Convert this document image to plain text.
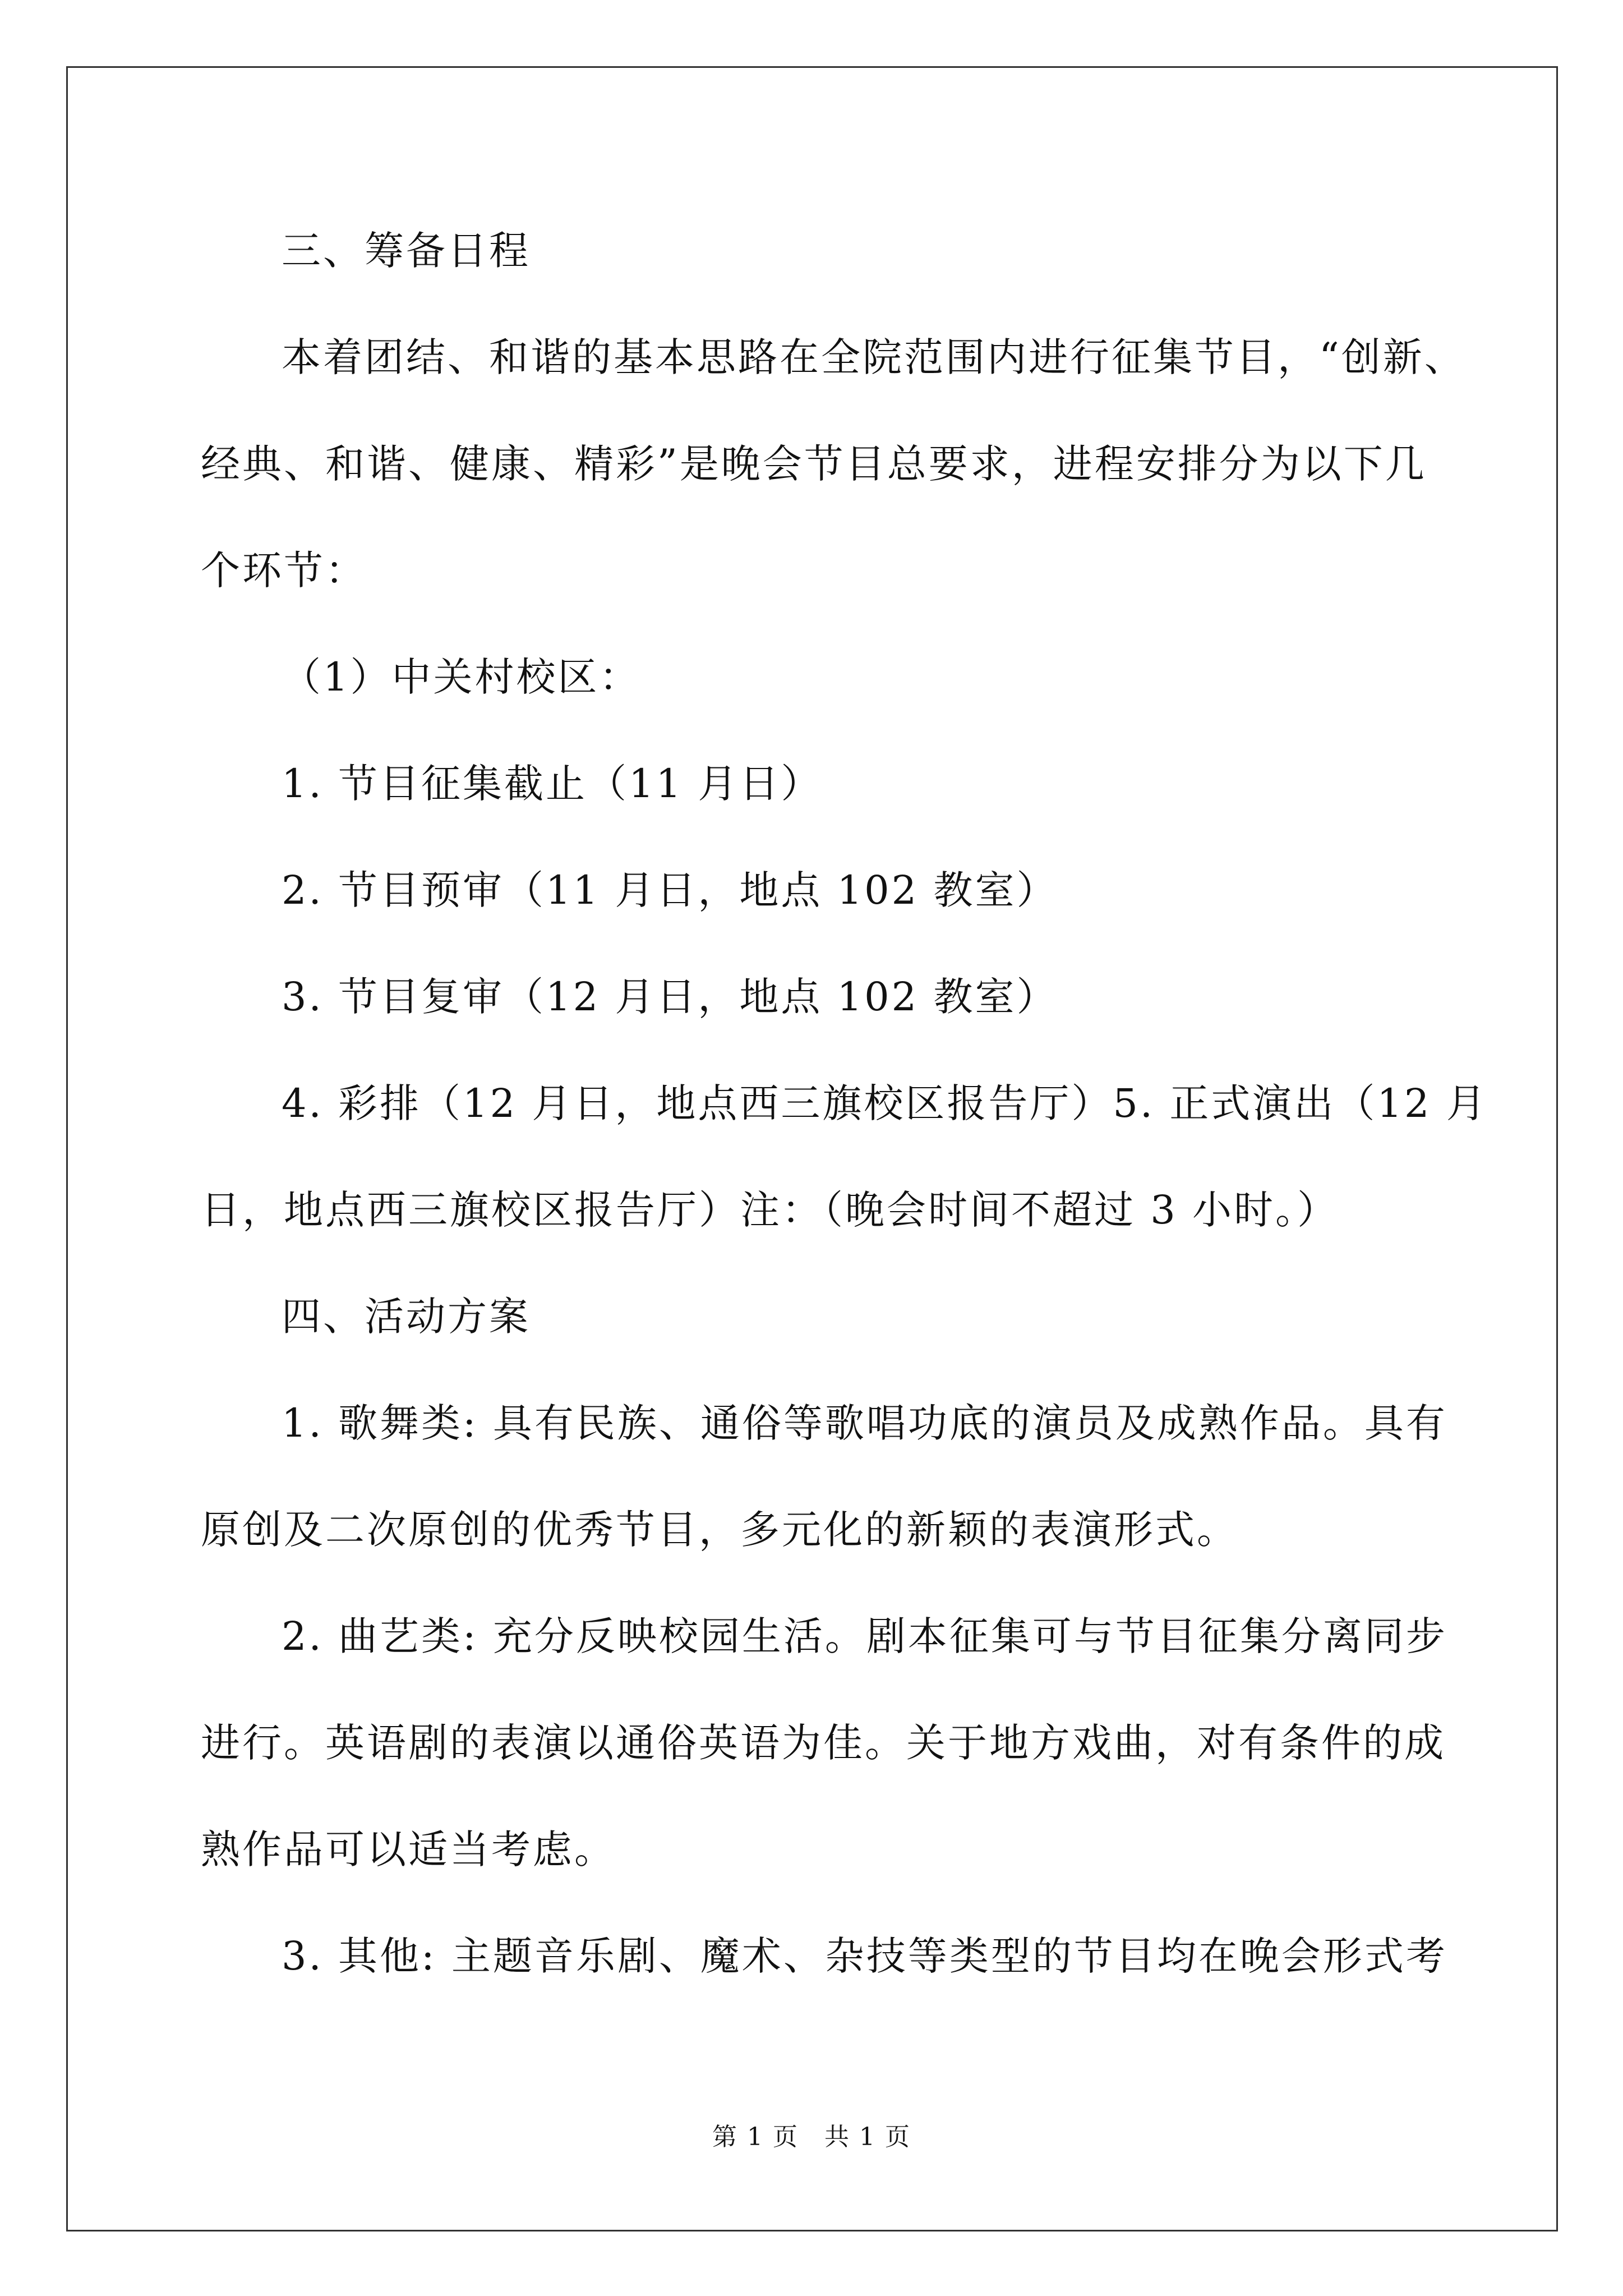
三、筹备日程
本着团结、和谐的基本思路在全院范围内进行征集节目，“创新、
经典、和谐、健康、精彩”是晚会节目总要求，进程安排分为以下几
个环节：
（1）中关村校区：
1. 节目征集截止（11 月日）
2. 节目预审（11 月日，地点 102 教室）
3. 节目复审（12 月日，地点 102 教室）
4. 彩排（12 月日，地点西三旗校区报告厅）5. 正式演出（12 月
日，地点西三旗校区报告厅）注：（晚会时间不超过 3 小时。）
四、活动方案
1. 歌舞类: 具有民族、通俗等歌唱功底的演员及成熟作品。具有
原创及二次原创的优秀节目，多元化的新颖的表演形式。
2. 曲艺类: 充分反映校园生活。剧本征集可与节目征集分离同步
进行。英语剧的表演以通俗英语为佳。关于地方戏曲，对有条件的成
熟作品可以适当考虑。
3. 其他: 主题音乐剧、魔术、杂技等类型的节目均在晚会形式考
第 1 页　共 1 页
